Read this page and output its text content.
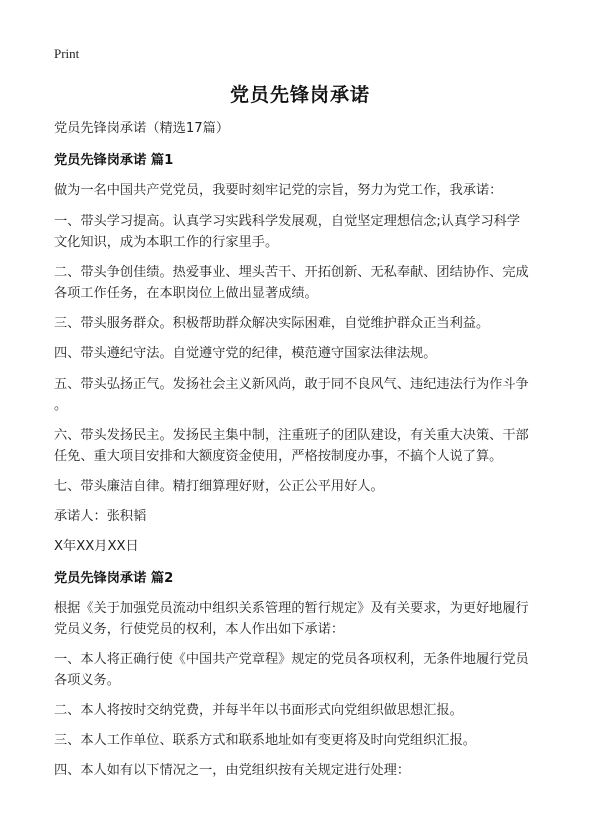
Print
党员先锋岗承诺
党员先锋岗承诺（精选17篇）
党员先锋岗承诺 篇1
做为一名中国共产党党员，我要时刻牢记党的宗旨，努力为党工作，我承诺：
一、带头学习提高。认真学习实践科学发展观，自觉坚定理想信念;认真学习科学
文化知识，成为本职工作的行家里手。
二、带头争创佳绩。热爱事业、埋头苦干、开拓创新、无私奉献、团结协作、完成
各项工作任务，在本职岗位上做出显著成绩。
三、带头服务群众。积极帮助群众解决实际困难，自觉维护群众正当利益。
四、带头遵纪守法。自觉遵守党的纪律，模范遵守国家法律法规。
五、带头弘扬正气。发扬社会主义新风尚，敢于同不良风气、违纪违法行为作斗争
。
六、带头发扬民主。发扬民主集中制，注重班子的团队建设，有关重大决策、干部
任免、重大项目安排和大额度资金使用，严格按制度办事，不搞个人说了算。
七、带头廉洁自律。精打细算理好财，公正公平用好人。
承诺人：张积韬
X年XX月XX日
党员先锋岗承诺 篇2
根据《关于加强党员流动中组织关系管理的暂行规定》及有关要求，为更好地履行
党员义务，行使党员的权利，本人作出如下承诺：
一、本人将正确行使《中国共产党章程》规定的党员各项权利，无条件地履行党员
各项义务。
二、本人将按时交纳党费，并每半年以书面形式向党组织做思想汇报。
三、本人工作单位、联系方式和联系地址如有变更将及时向党组织汇报。
四、本人如有以下情况之一，由党组织按有关规定进行处理：
